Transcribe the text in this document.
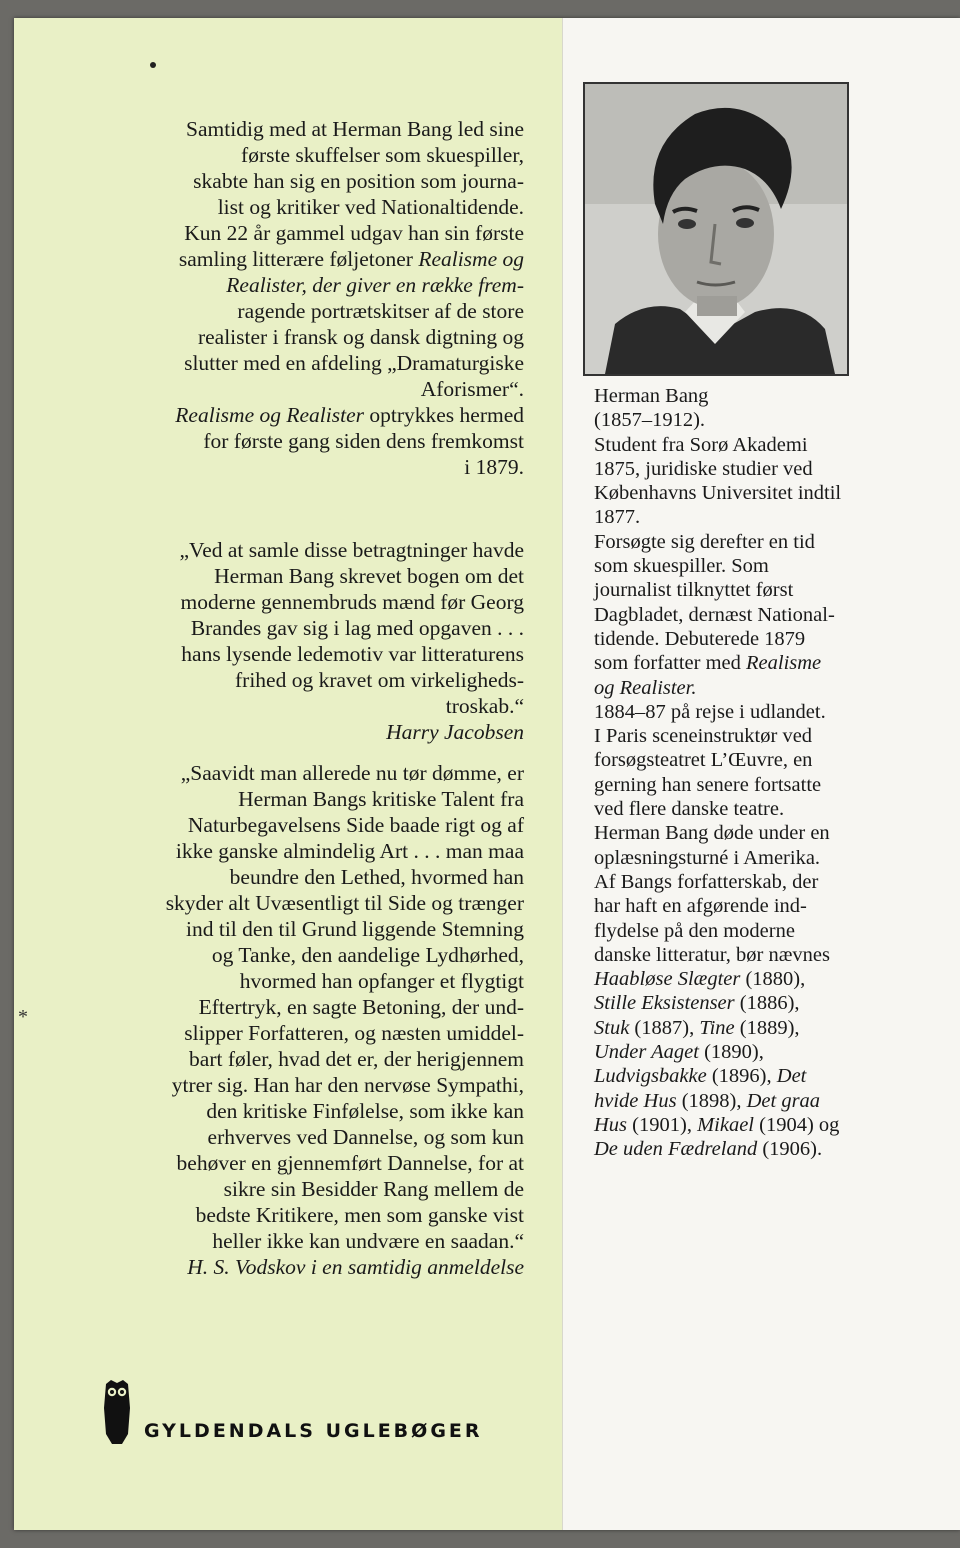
*
Samtidig med at Herman Bang led sine
første skuffelser som skuespiller,
skabte han sig en position som journa-
list og kritiker ved Nationaltidende.
Kun 22 år gammel udgav han sin første
samling litterære føljetoner Realisme og
Realister, der giver en række frem-
ragende portrætskitser af de store
realister i fransk og dansk digtning og
slutter med en afdeling „Dramaturgiske
Aforismer“.
Realisme og Realister optrykkes hermed
for første gang siden dens fremkomst
i 1879.
„Ved at samle disse betragtninger havde
Herman Bang skrevet bogen om det
moderne gennembruds mænd før Georg
Brandes gav sig i lag med opgaven . . .
hans lysende ledemotiv var litteraturens
frihed og kravet om virkeligheds-
troskab.“
Harry Jacobsen
„Saavidt man allerede nu tør dømme, er
Herman Bangs kritiske Talent fra
Naturbegavelsens Side baade rigt og af
ikke ganske almindelig Art . . . man maa
beundre den Lethed, hvormed han
skyder alt Uvæsentligt til Side og trænger
ind til den til Grund liggende Stemning
og Tanke, den aandelige Lydhørhed,
hvormed han opfanger et flygtigt
Eftertryk, en sagte Betoning, der und-
slipper Forfatteren, og næsten umiddel-
bart føler, hvad det er, der herigjennem
ytrer sig. Han har den nervøse Sympathi,
den kritiske Finfølelse, som ikke kan
erhverves ved Dannelse, og som kun
behøver en gjennemført Dannelse, for at
sikre sin Besidder Rang mellem de
bedste Kritikere, men som ganske vist
heller ikke kan undvære en saadan.“
H. S. Vodskov i en samtidig anmeldelse
GYLDENDALS UGLEBØGER
Herman Bang
(1857–1912).
Student fra Sorø Akademi
1875, juridiske studier ved
Københavns Universitet indtil
1877.
Forsøgte sig derefter en tid
som skuespiller. Som
journalist tilknyttet først
Dagbladet, dernæst National-
tidende. Debuterede 1879
som forfatter med Realisme
og Realister.
1884–87 på rejse i udlandet.
I Paris sceneinstruktør ved
forsøgsteatret L’Œuvre, en
gerning han senere fortsatte
ved flere danske teatre.
Herman Bang døde under en
oplæsningsturné i Amerika.
Af Bangs forfatterskab, der
har haft en afgørende ind-
flydelse på den moderne
danske litteratur, bør nævnes
Haabløse Slægter (1880),
Stille Eksistenser (1886),
Stuk (1887), Tine (1889),
Under Aaget (1890),
Ludvigsbakke (1896), Det
hvide Hus (1898), Det graa
Hus (1901), Mikael (1904) og
De uden Fædreland (1906).
